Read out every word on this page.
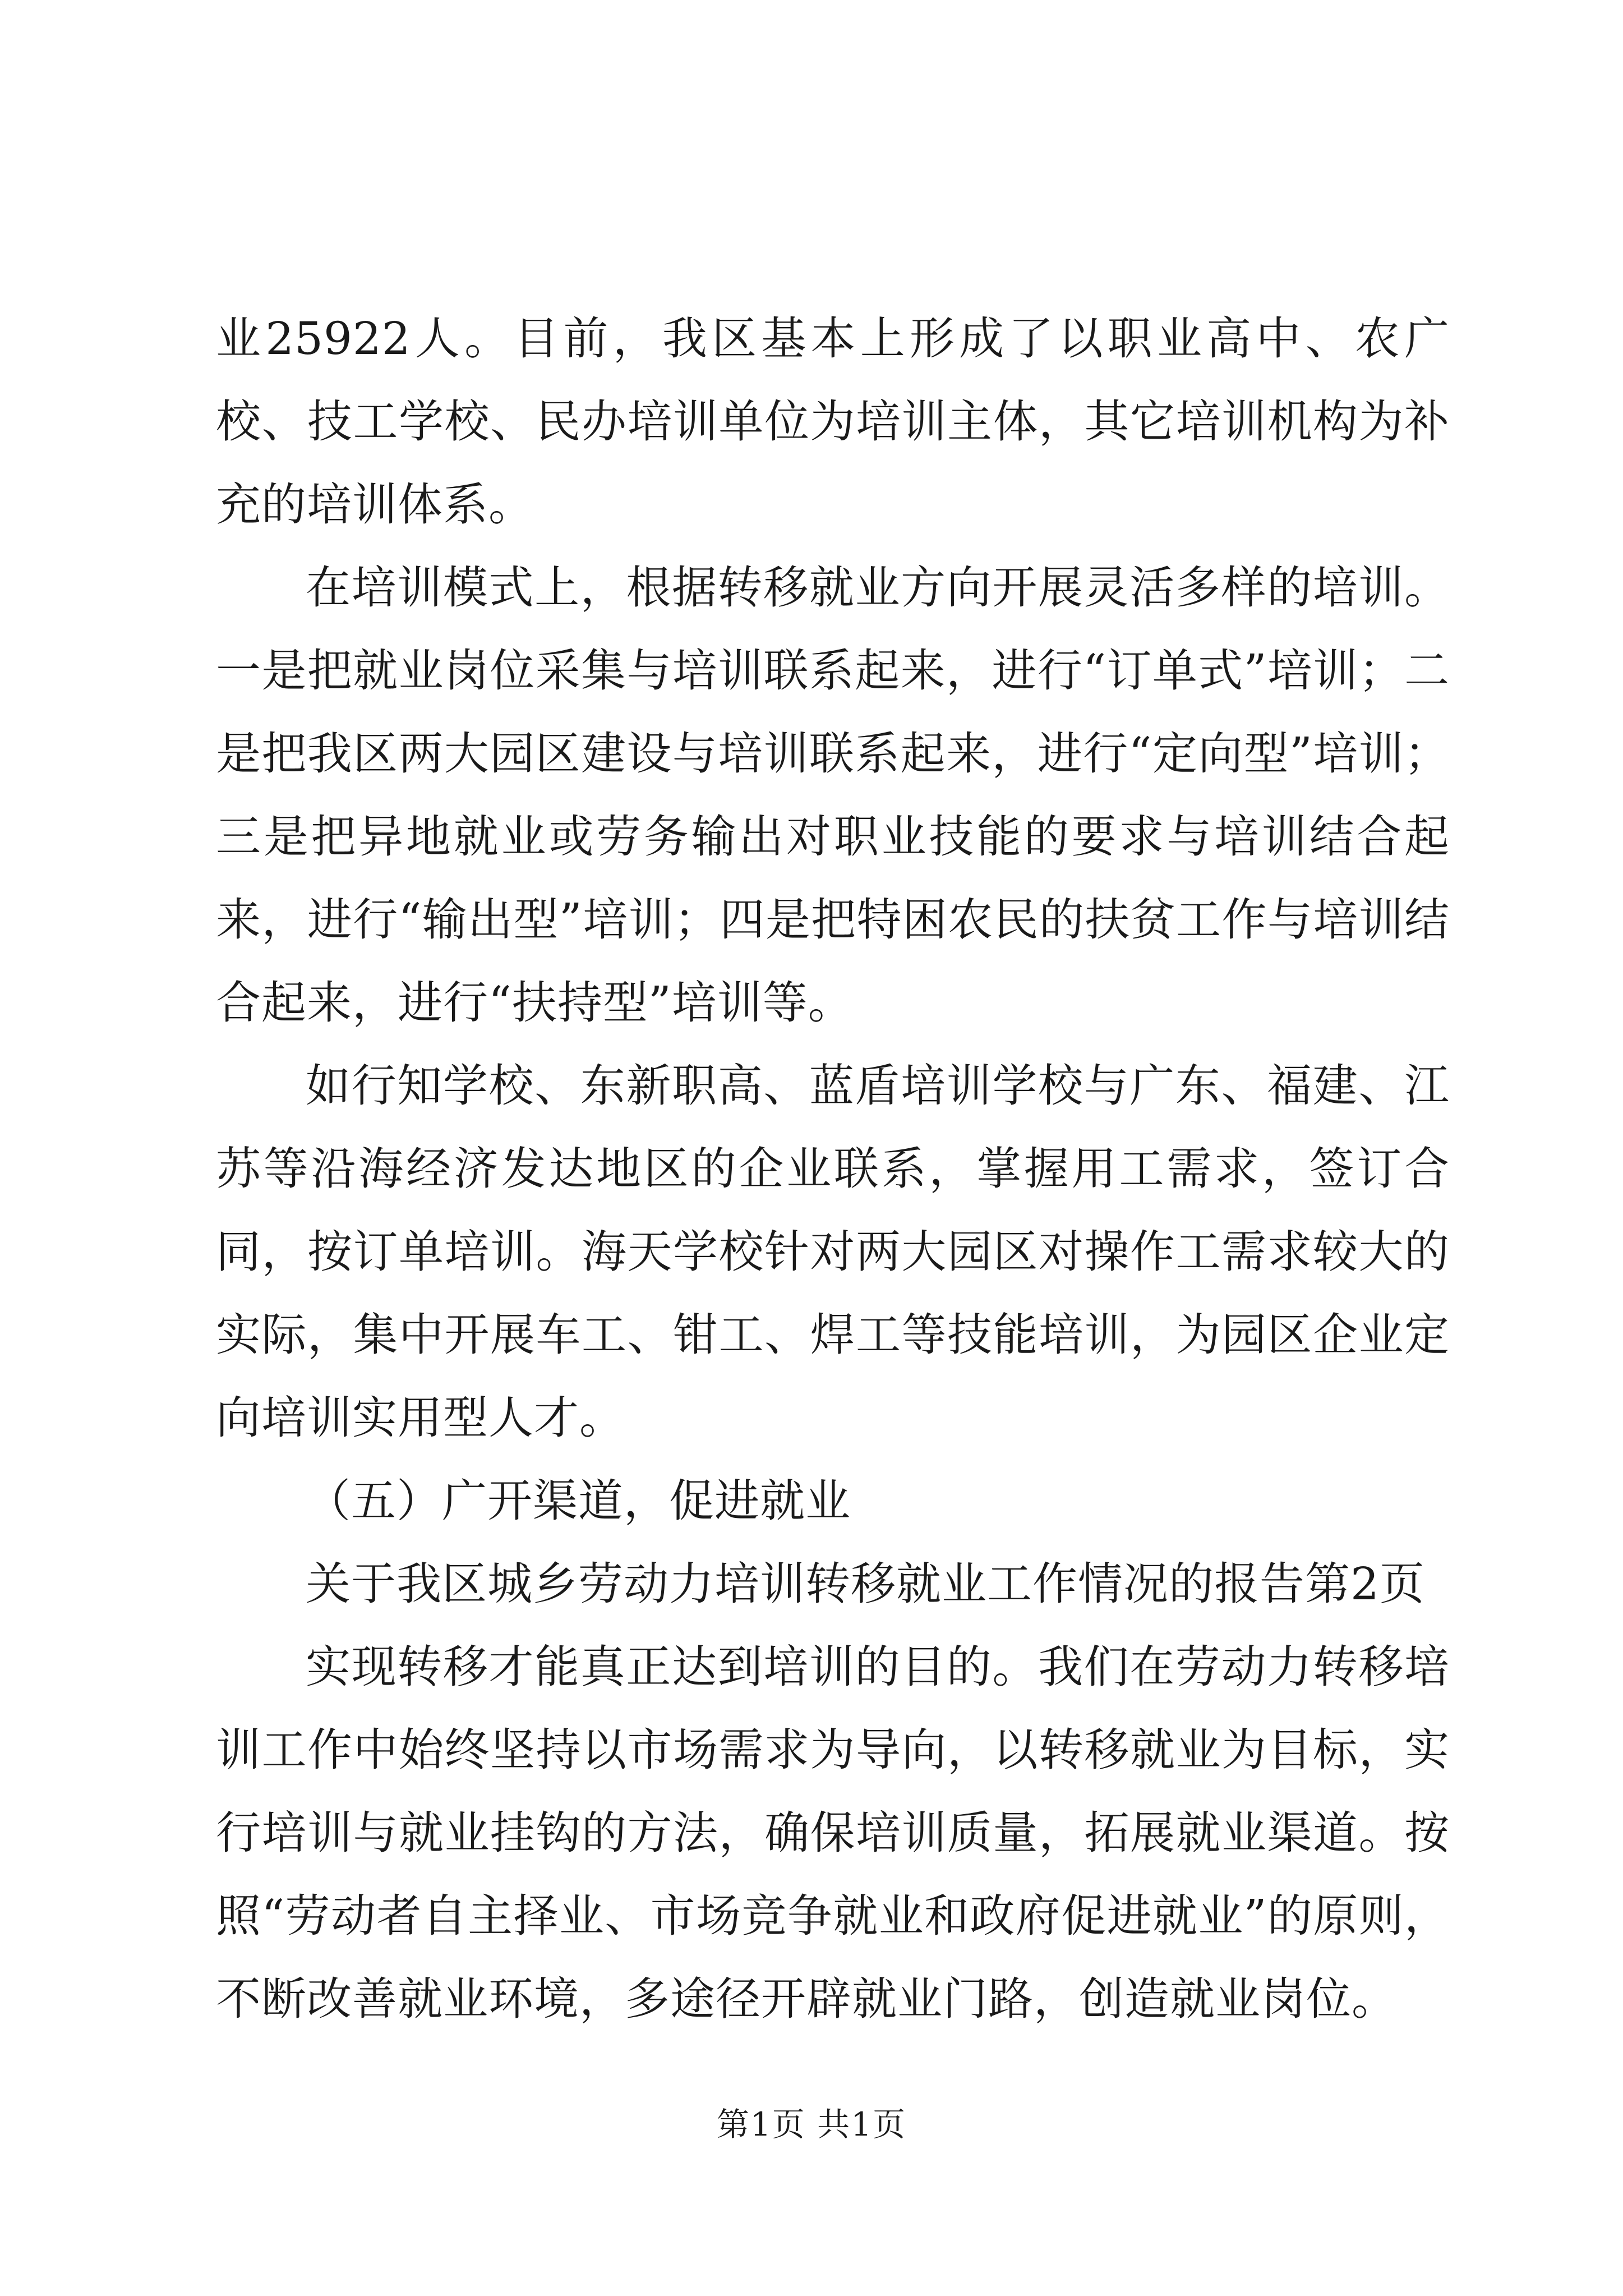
业25922人。目前，我区基本上形成了以职业高中、农广校、技工学校、民办培训单位为培训主体，其它培训机构为补充的培训体系。

在培训模式上，根据转移就业方向开展灵活多样的培训。一是把就业岗位采集与培训联系起来，进行“订单式”培训；二是把我区两大园区建设与培训联系起来，进行“定向型”培训；三是把异地就业或劳务输出对职业技能的要求与培训结合起来，进行“输出型”培训；四是把特困农民的扶贫工作与培训结合起来，进行“扶持型”培训等。

如行知学校、东新职高、蓝盾培训学校与广东、福建、江苏等沿海经济发达地区的企业联系，掌握用工需求，签订合同，按订单培训。海天学校针对两大园区对操作工需求较大的实际，集中开展车工、钳工、焊工等技能培训，为园区企业定向培训实用型人才。

（五）广开渠道，促进就业

关于我区城乡劳动力培训转移就业工作情况的报告第2页

实现转移才能真正达到培训的目的。我们在劳动力转移培训工作中始终坚持以市场需求为导向，以转移就业为目标，实行培训与就业挂钩的方法，确保培训质量，拓展就业渠道。按照“劳动者自主择业、市场竞争就业和政府促进就业”的原则，不断改善就业环境，多途径开辟就业门路，创造就业岗位。

第1页 共1页
